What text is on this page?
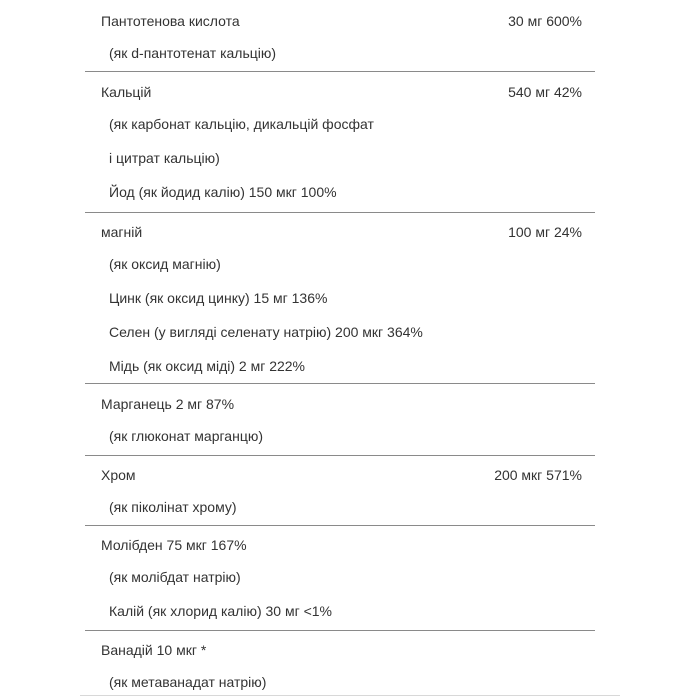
Пантотенова кислота	30 мг 600%
(як d-пантотенат кальцію)
Кальцій	540 мг 42%
(як карбонат кальцію, дикальцій фосфат
і цитрат кальцію)
Йод (як йодид калію) 150 мкг 100%
магній	100 мг 24%
(як оксид магнію)
Цинк (як оксид цинку) 15 мг 136%
Селен (у вигляді селенату натрію) 200 мкг 364%
Мідь (як оксид міді) 2 мг 222%
Марганець 2 мг 87%
(як глюконат марганцю)
Хром	200 мкг 571%
(як піколінат хрому)
Молібден 75 мкг 167%
(як молібдат натрію)
Калій (як хлорид калію) 30 мг <1%
Ванадій 10 мкг *
(як метаванадат натрію)
